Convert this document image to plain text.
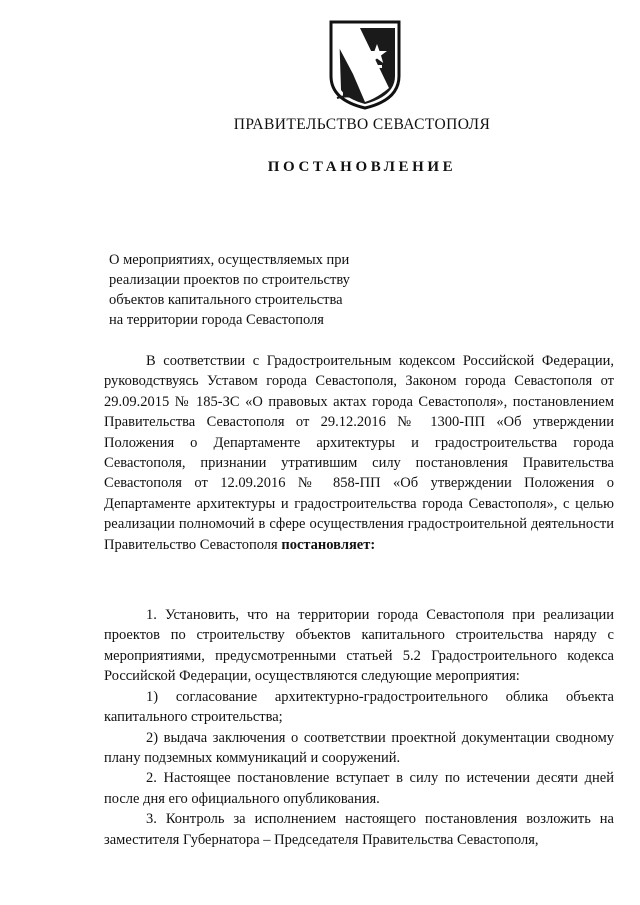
ПРАВИТЕЛЬСТВО СЕВАСТОПОЛЯ
ПОСТАНОВЛЕНИЕ
О мероприятиях, осуществляемых при
реализации проектов по строительству
объектов капитального строительства
на территории города Севастополя

В соответствии с Градостроительным кодексом Российской Федерации, руководствуясь Уставом города Севастополя, Законом города Севастополя от 29.09.2015 № 185-ЗС «О правовых актах города Севастополя», постановлением Правительства Севастополя от 29.12.2016 № 1300-ПП «Об утверждении Положения о Департаменте архитектуры и градостроительства города Севастополя, признании утратившим силу постановления Правительства Севастополя от 12.09.2016 № 858-ПП «Об утверждении Положения о Департаменте архитектуры и градостроительства города Севастополя», с целью реализации полномочий в сфере осуществления градостроительной деятельности Правительство Севастополя постановляет:

1. Установить, что на территории города Севастополя при реализации проектов по строительству объектов капитального строительства наряду с мероприятиями, предусмотренными статьей 5.2 Градостроительного кодекса Российской Федерации, осуществляются следующие мероприятия:

1) согласование архитектурно-градостроительного облика объекта капитального строительства;

2) выдача заключения о соответствии проектной документации сводному плану подземных коммуникаций и сооружений.

2. Настоящее постановление вступает в силу по истечении десяти дней после дня его официального опубликования.

3. Контроль за исполнением настоящего постановления возложить на заместителя Губернатора – Председателя Правительства Севастополя,
